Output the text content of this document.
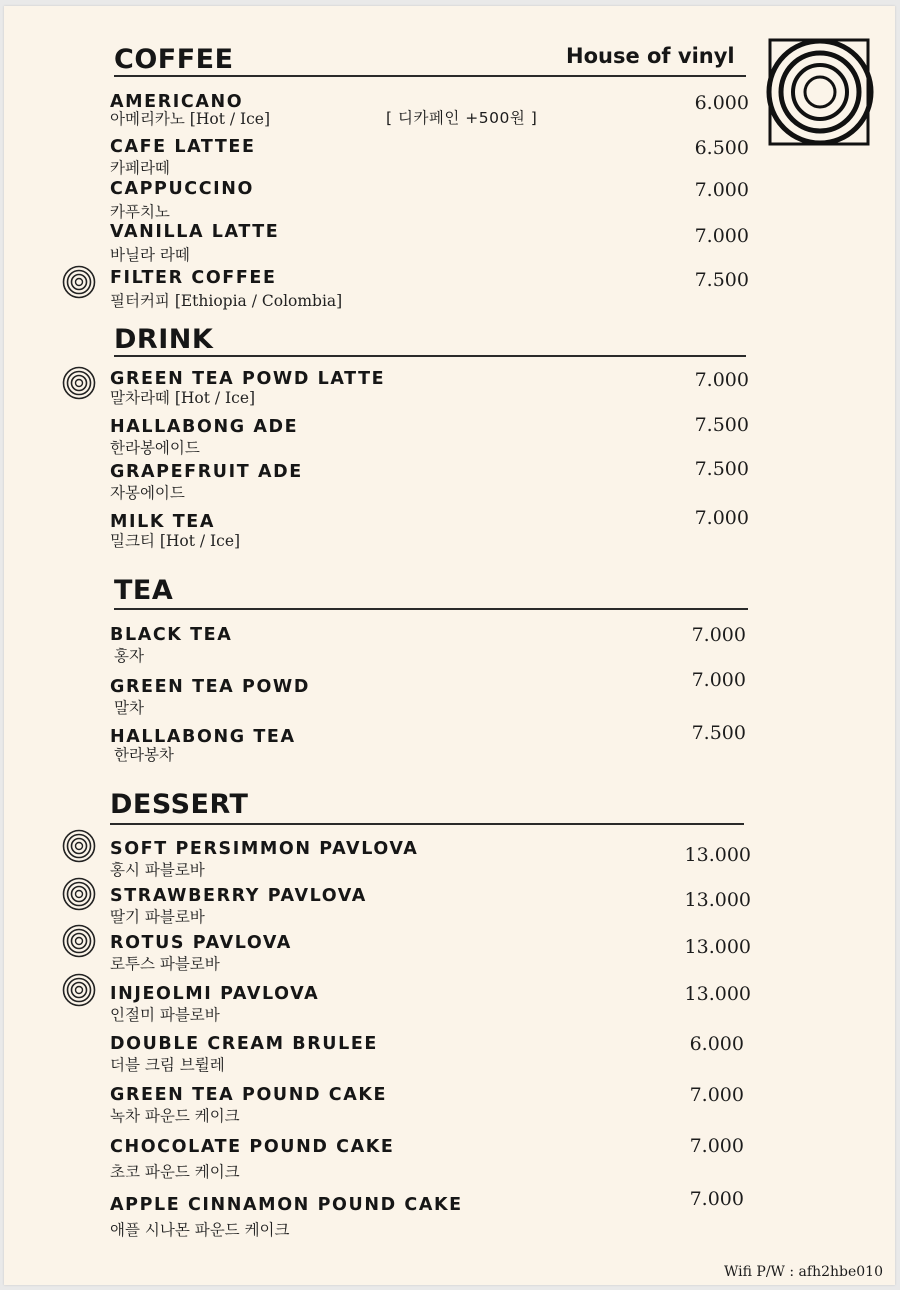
House of vinyl
COFFEE
[ 디카페인 +500원 ]
AMERICANO
아메리카노 [Hot / Ice]
6.000
CAFE LATTEE
카페라떼
6.500
CAPPUCCINO
카푸치노
7.000
VANILLA LATTE
바닐라 라떼
7.000
FILTER COFFEE
필터커피 [Ethiopia / Colombia]
7.500
DRINK
GREEN TEA POWD LATTE
말차라떼 [Hot / Ice]
7.000
HALLABONG ADE
한라봉에이드
7.500
GRAPEFRUIT ADE
자몽에이드
7.500
MILK TEA
밀크티 [Hot / Ice]
7.000
TEA
BLACK TEA
홍자
7.000
GREEN TEA POWD
말차
7.000
HALLABONG TEA
한라봉차
7.500
DESSERT
SOFT PERSIMMON PAVLOVA
홍시 파블로바
13.000
STRAWBERRY PAVLOVA
딸기 파블로바
13.000
ROTUS PAVLOVA
로투스 파블로바
13.000
INJEOLMI PAVLOVA
인절미 파블로바
13.000
DOUBLE CREAM BRULEE
더블 크림 브륄레
6.000
GREEN TEA POUND CAKE
녹차 파운드 케이크
7.000
CHOCOLATE POUND CAKE
초코 파운드 케이크
7.000
APPLE CINNAMON POUND CAKE
애플 시나몬 파운드 케이크
7.000
Wifi P/W : afh2hbe010
